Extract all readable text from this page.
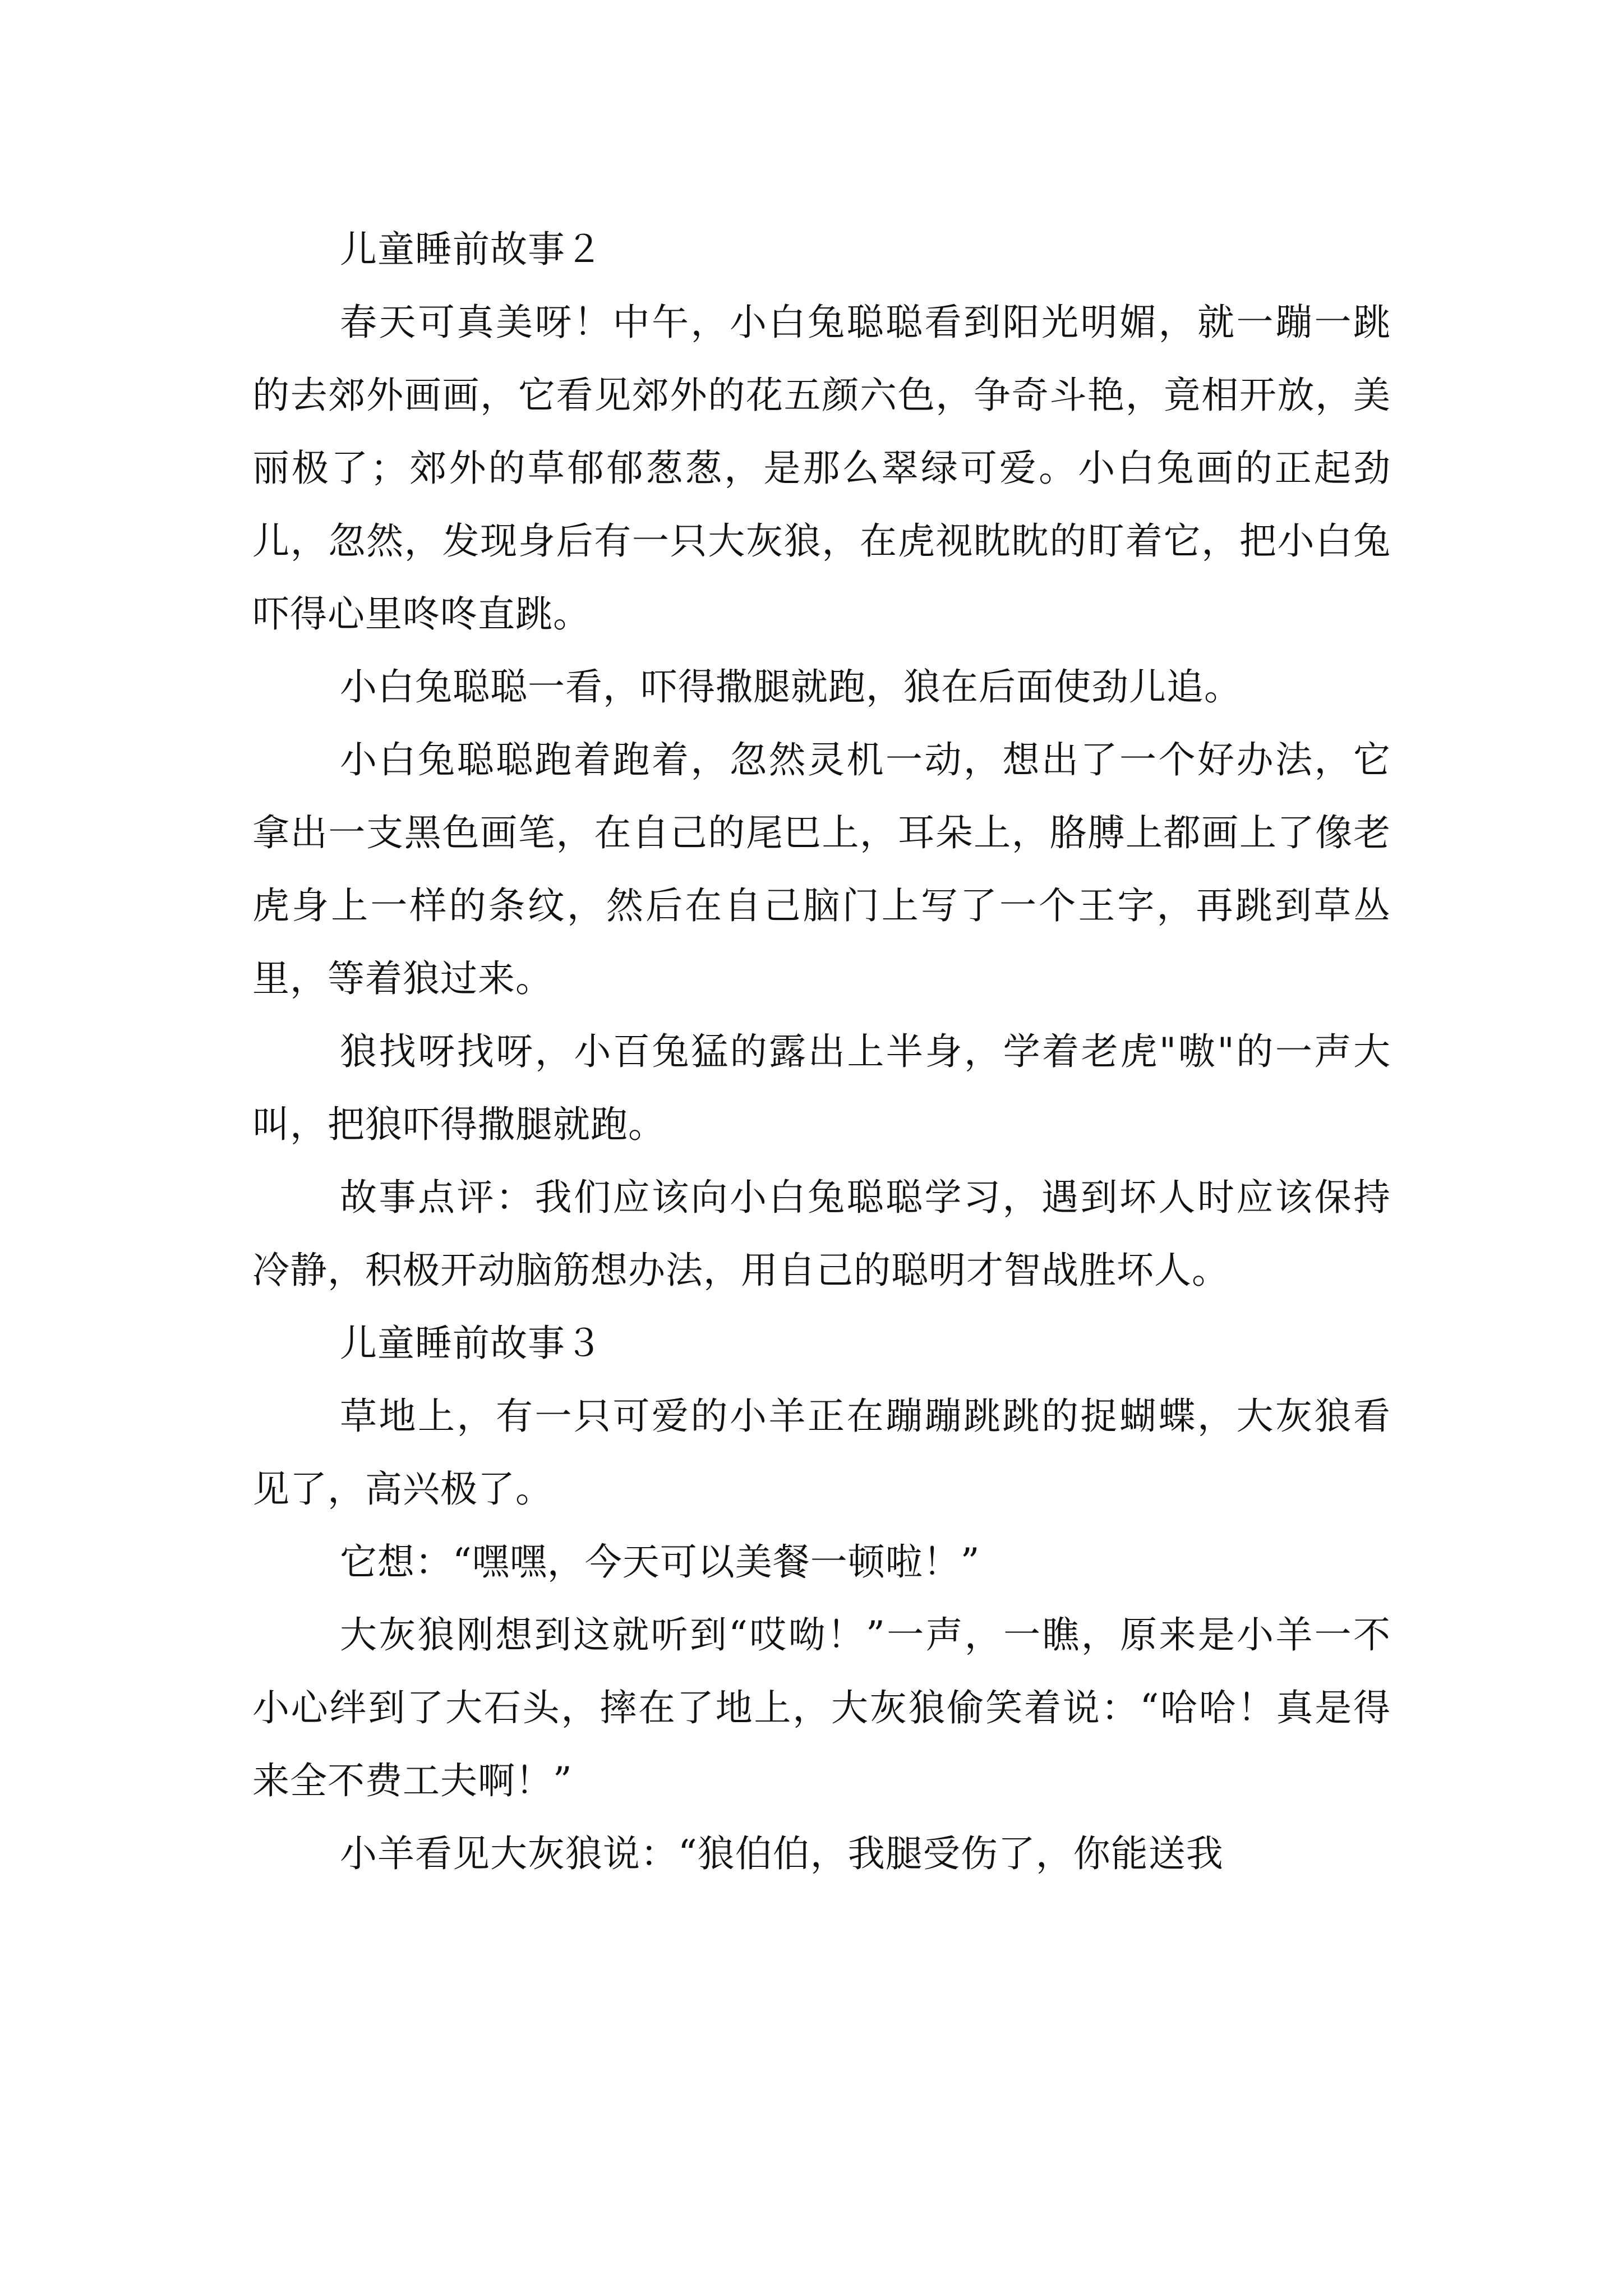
儿童睡前故事２

春天可真美呀！中午，小白兔聪聪看到阳光明媚，就一蹦一跳的去郊外画画，它看见郊外的花五颜六色，争奇斗艳，竟相开放，美丽极了；郊外的草郁郁葱葱，是那么翠绿可爱。小白兔画的正起劲儿，忽然，发现身后有一只大灰狼，在虎视眈眈的盯着它，把小白兔吓得心里咚咚直跳。

小白兔聪聪一看，吓得撒腿就跑，狼在后面使劲儿追。

小白兔聪聪跑着跑着，忽然灵机一动，想出了一个好办法，它拿出一支黑色画笔，在自己的尾巴上，耳朵上，胳膊上都画上了像老虎身上一样的条纹，然后在自己脑门上写了一个王字，再跳到草丛里，等着狼过来。

狼找呀找呀，小百兔猛的露出上半身，学着老虎"嗷"的一声大叫，把狼吓得撒腿就跑。

故事点评：我们应该向小白兔聪聪学习，遇到坏人时应该保持冷静，积极开动脑筋想办法，用自己的聪明才智战胜坏人。

儿童睡前故事３

草地上，有一只可爱的小羊正在蹦蹦跳跳的捉蝴蝶，大灰狼看见了，高兴极了。

它想：“嘿嘿，今天可以美餐一顿啦！”

大灰狼刚想到这就听到“哎呦！”一声，一瞧，原来是小羊一不小心绊到了大石头，摔在了地上，大灰狼偷笑着说：“哈哈！真是得来全不费工夫啊！”

小羊看见大灰狼说：“狼伯伯，我腿受伤了，你能送我
